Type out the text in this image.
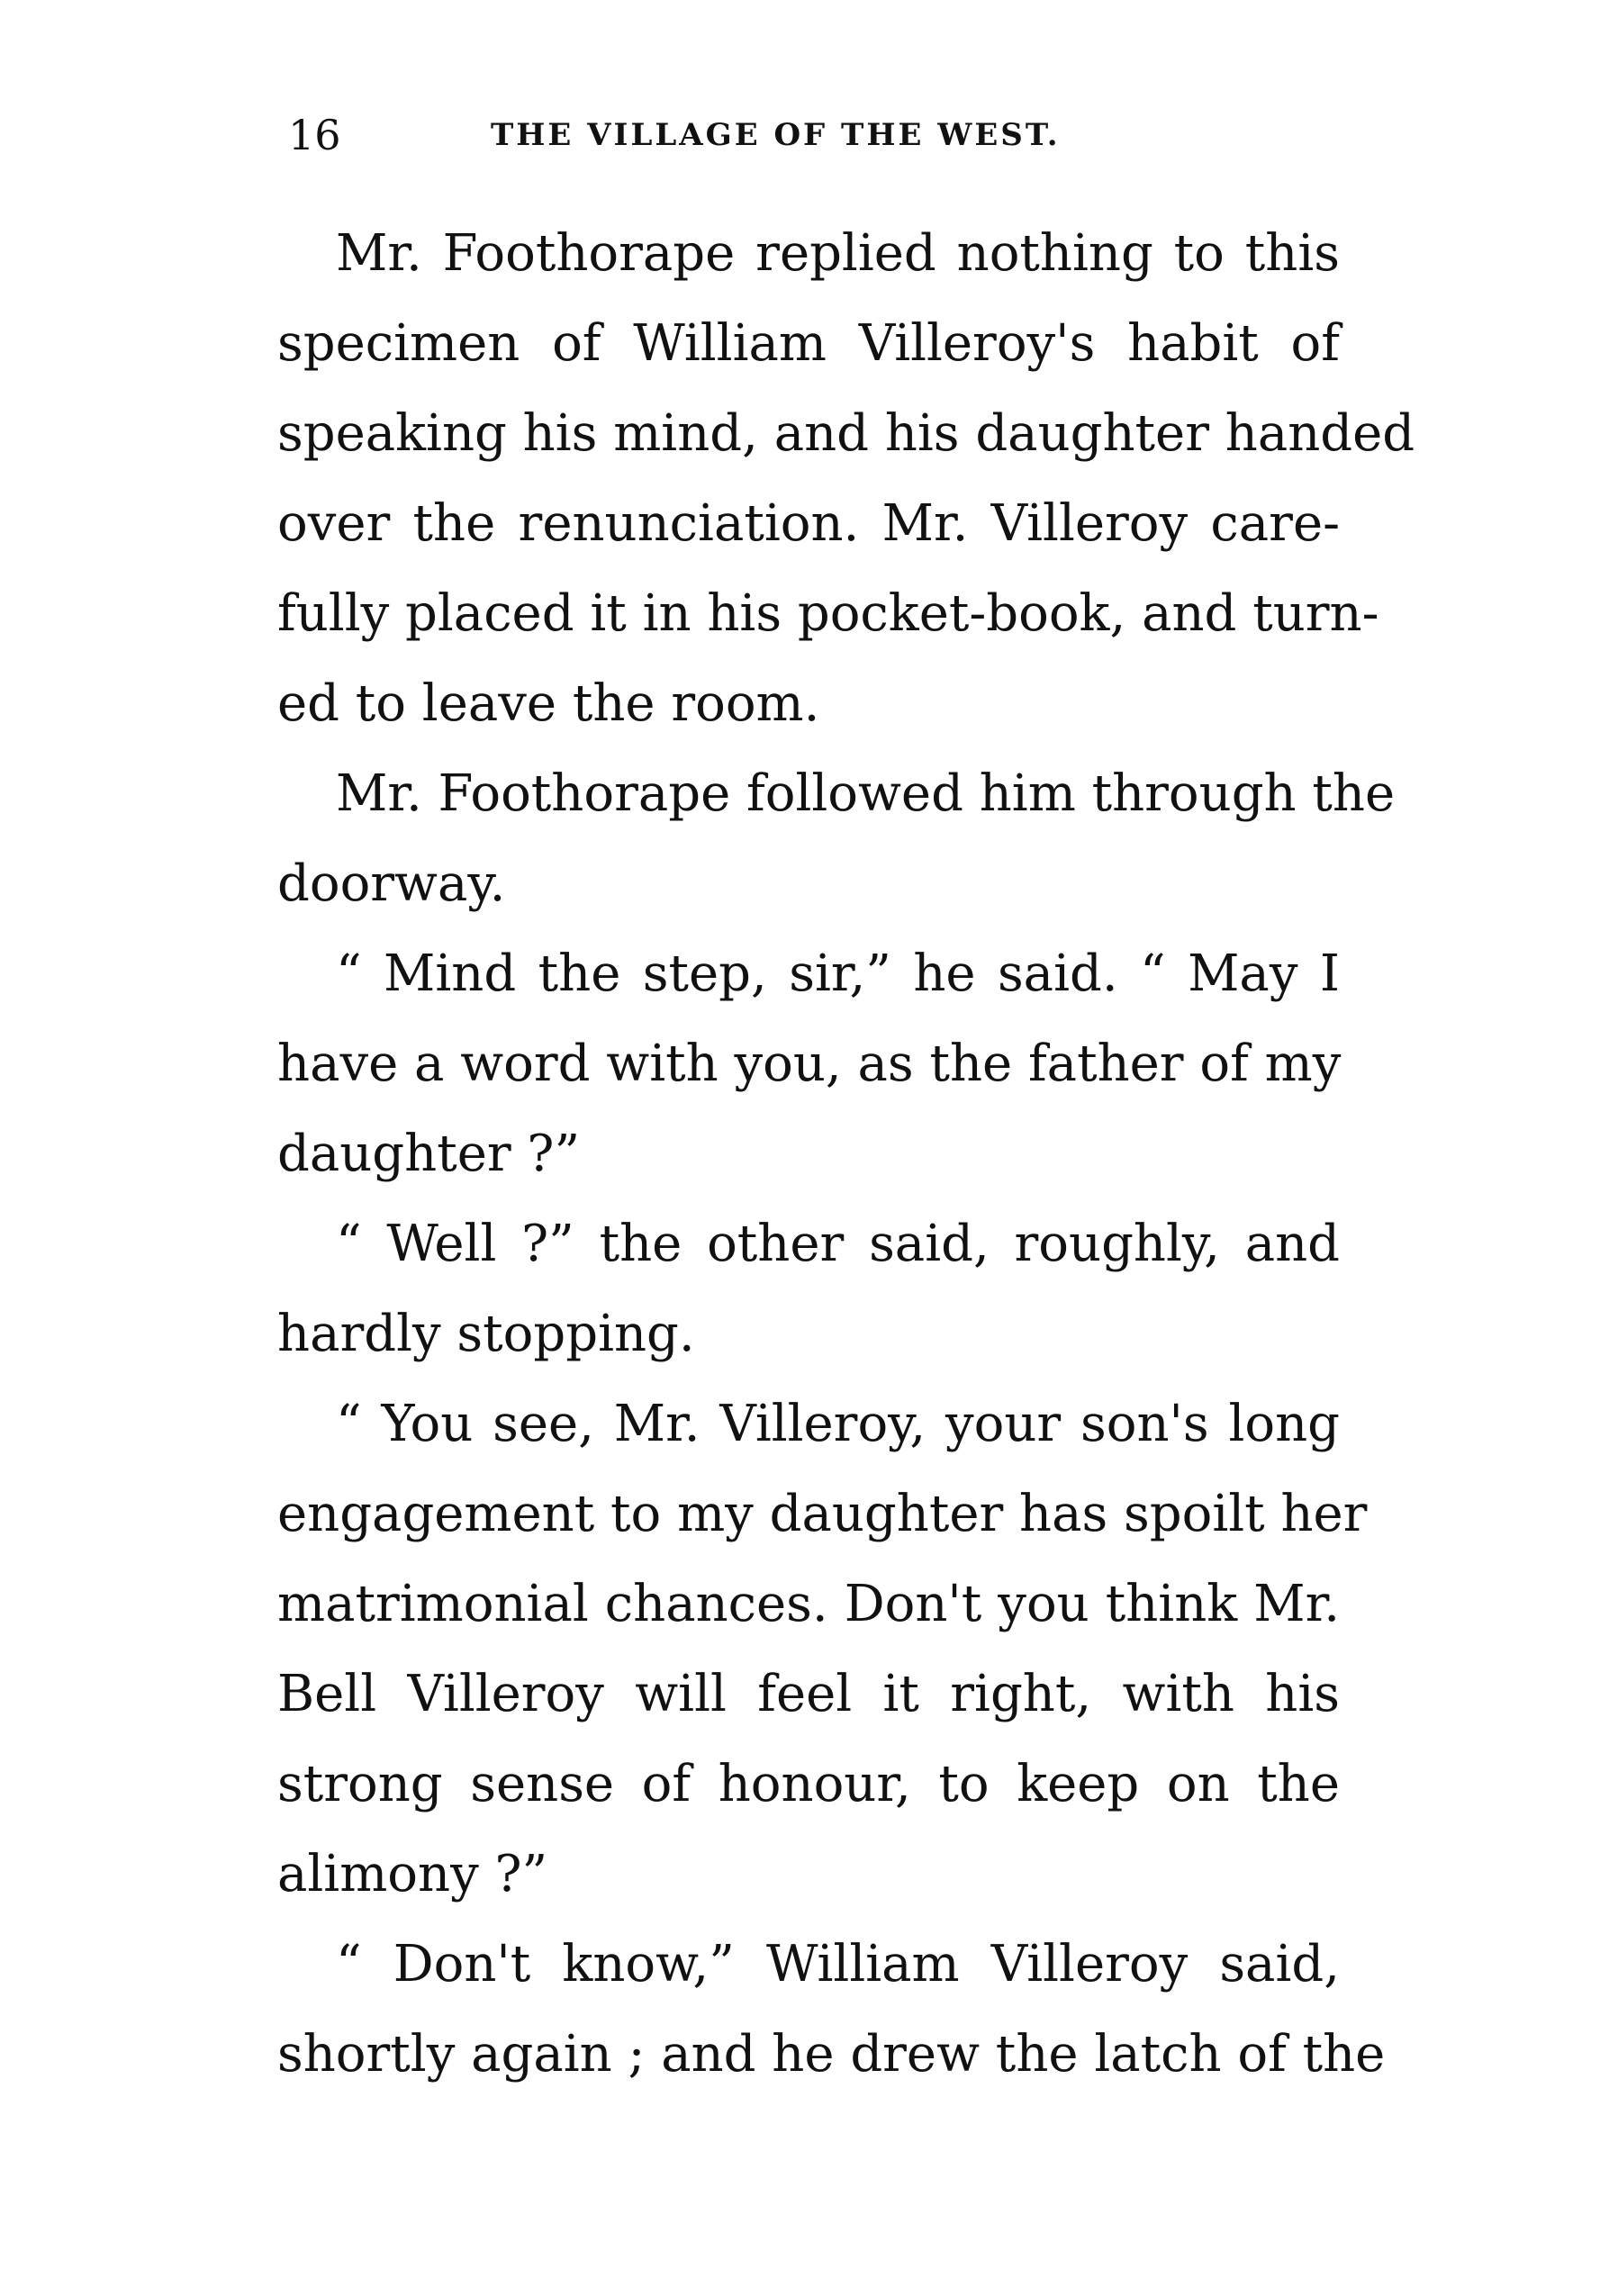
16	THE VILLAGE OF THE WEST.
Mr. Foothorape replied nothing to this
specimen of William Villeroy's habit of
speaking his mind, and his daughter handed
over the renunciation. Mr. Villeroy care-
fully placed it in his pocket-book, and turn-
ed to leave the room.
Mr. Foothorape followed him through the
doorway.
“ Mind the step, sir,” he said. “ May I
have a word with you, as the father of my
daughter ?”
“ Well ?” the other said, roughly, and
hardly stopping.
“ You see, Mr. Villeroy, your son's long
engagement to my daughter has spoilt her
matrimonial chances. Don't you think Mr.
Bell Villeroy will feel it right, with his
strong sense of honour, to keep on the
alimony ?”
“ Don't know,” William Villeroy said,
shortly again ; and he drew the latch of the
